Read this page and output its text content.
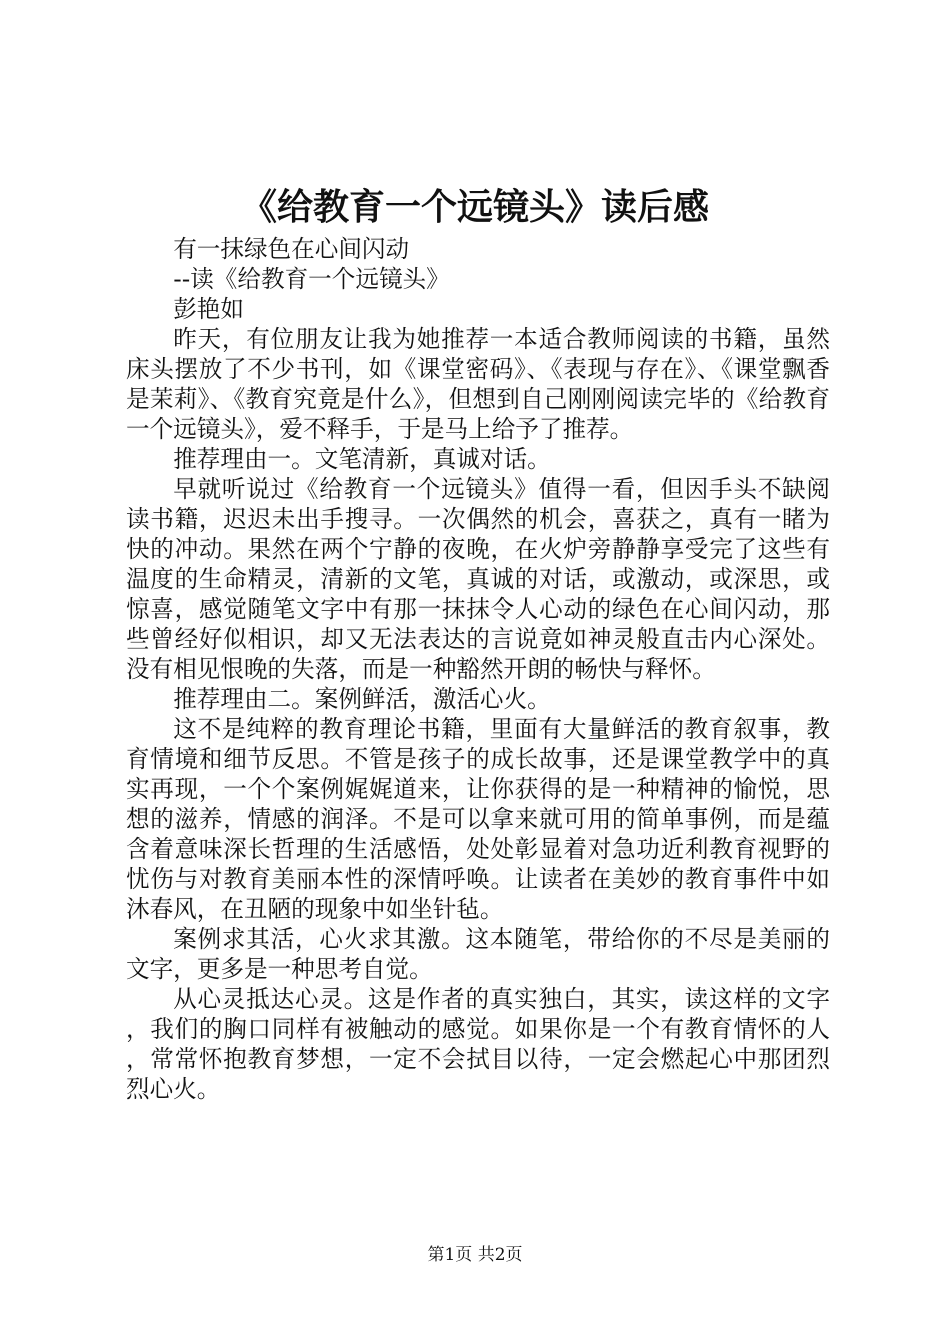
《给教育一个远镜头》读后感

有一抹绿色在心间闪动

--读《给教育一个远镜头》

彭艳如

昨天，有位朋友让我为她推荐一本适合教师阅读的书籍，虽然床头摆放了不少书刊，如《课堂密码》、《表现与存在》、《课堂飘香是茉莉》、《教育究竟是什么》，但想到自己刚刚阅读完毕的《给教育一个远镜头》，爱不释手，于是马上给予了推荐。

推荐理由一。文笔清新，真诚对话。

早就听说过《给教育一个远镜头》值得一看，但因手头不缺阅读书籍，迟迟未出手搜寻。一次偶然的机会，喜获之，真有一睹为快的冲动。果然在两个宁静的夜晚，在火炉旁静静享受完了这些有温度的生命精灵，清新的文笔，真诚的对话，或激动，或深思，或惊喜，感觉随笔文字中有那一抹抹令人心动的绿色在心间闪动，那些曾经好似相识，却又无法表达的言说竟如神灵般直击内心深处。没有相见恨晚的失落，而是一种豁然开朗的畅快与释怀。

推荐理由二。案例鲜活，激活心火。

这不是纯粹的教育理论书籍，里面有大量鲜活的教育叙事，教育情境和细节反思。不管是孩子的成长故事，还是课堂教学中的真实再现，一个个案例娓娓道来，让你获得的是一种精神的愉悦，思想的滋养，情感的润泽。不是可以拿来就可用的简单事例，而是蕴含着意味深长哲理的生活感悟，处处彰显着对急功近利教育视野的忧伤与对教育美丽本性的深情呼唤。让读者在美妙的教育事件中如沐春风，在丑陋的现象中如坐针毡。

案例求其活，心火求其激。这本随笔，带给你的不尽是美丽的文字，更多是一种思考自觉。

从心灵抵达心灵。这是作者的真实独白，其实，读这样的文字，我们的胸口同样有被触动的感觉。如果你是一个有教育情怀的人，常常怀抱教育梦想，一定不会拭目以待，一定会燃起心中那团烈烈心火。

第1页 共2页
